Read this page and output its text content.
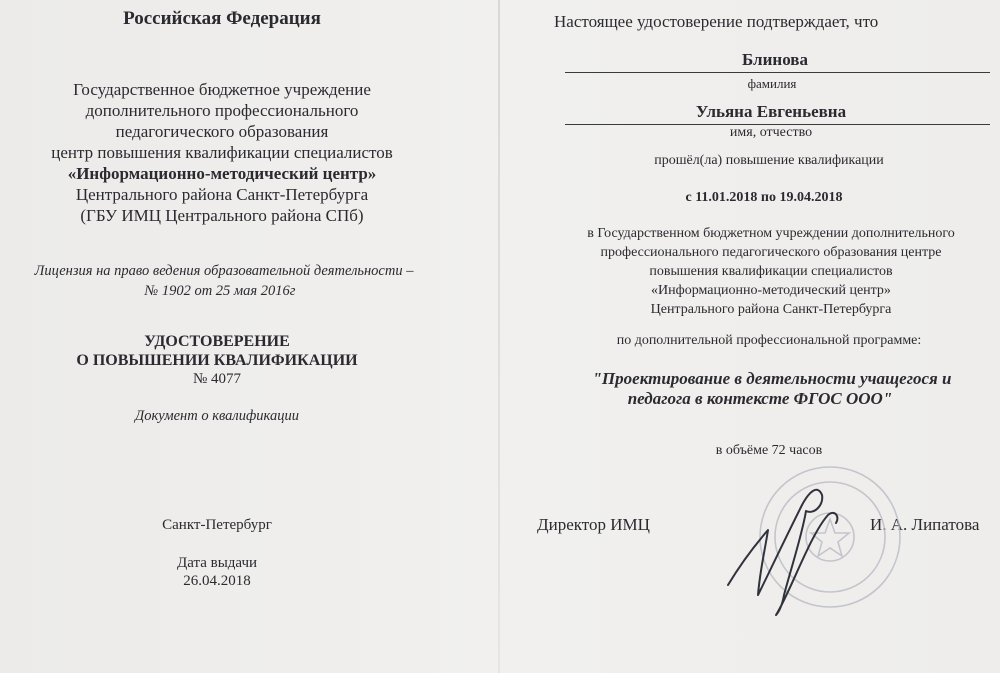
Российская Федерация
Государственное бюджетное учреждение
дополнительного профессионального
педагогического образования
центр повышения квалификации специалистов
«Информационно-методический центр»
Центрального района Санкт-Петербурга
(ГБУ ИМЦ Центрального района СПб)
Лицензия на право ведения образовательной деятельности –
№ 1902 от 25 мая 2016г
УДОСТОВЕРЕНИЕ
О ПОВЫШЕНИИ КВАЛИФИКАЦИИ
№ 4077
Документ о квалификации
Санкт-Петербург
Дата выдачи
26.04.2018
Настоящее удостоверение подтверждает, что
Блинова
фамилия
Ульяна Евгеньевна
имя, отчество
прошёл(ла) повышение квалификации
с 11.01.2018 по 19.04.2018
в Государственном бюджетном учреждении дополнительного
профессионального педагогического образования центре
повышения квалификации специалистов
«Информационно-методический центр»
Центрального района Санкт-Петербурга
по дополнительной профессиональной программе:
"Проектирование в деятельности учащегося и
педагога в контексте ФГОС ООО"
в объёме 72 часов
Директор ИМЦ	И. А. Липатова
